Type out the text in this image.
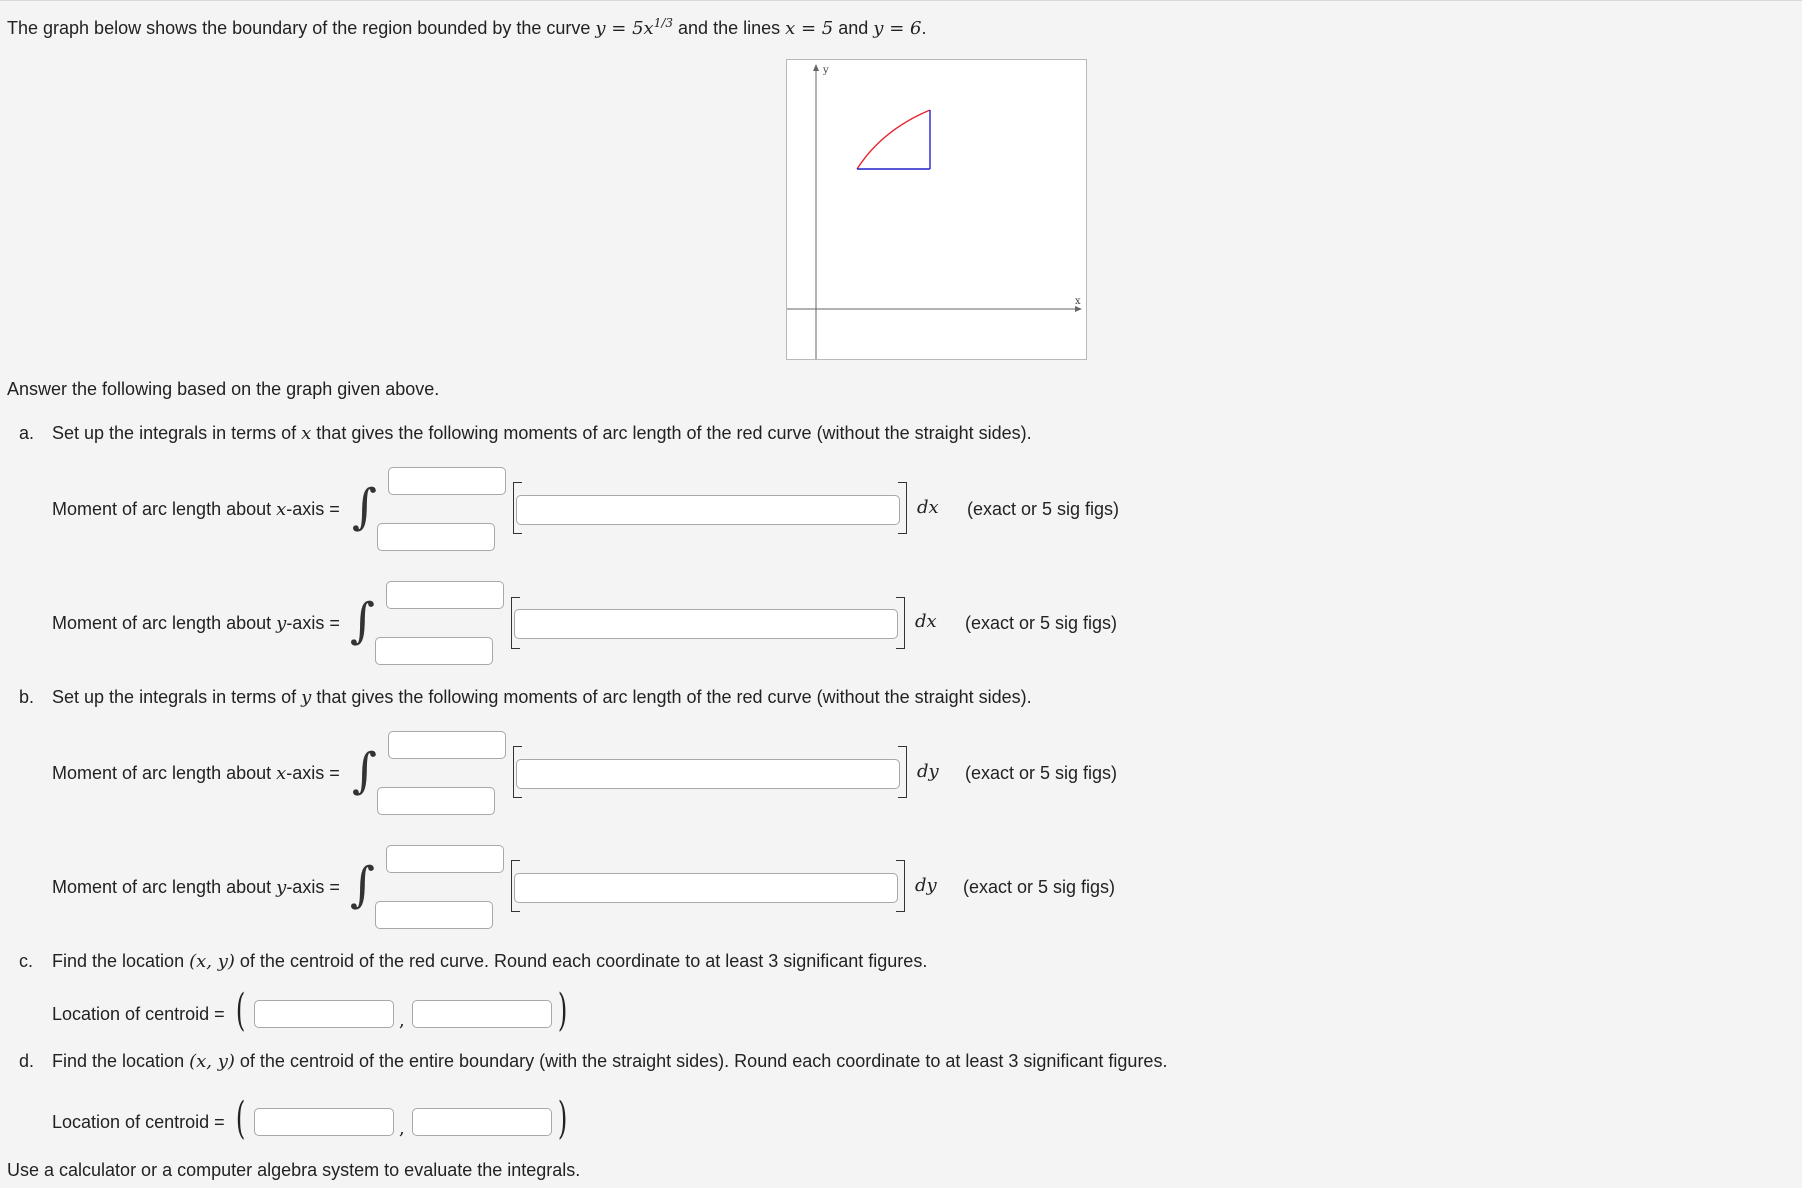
The graph below shows the boundary of the region bounded by the curve $y = 5x^{1/3}$ and the lines x = 5 and y = 6.
y
x
Answer the following based on the graph given above.
a. Set up the integrals in terms of x that gives the following moments of arc length of the red curve (without the straight sides).
Moment of arc length about x-axis = ∫	dx (exact or 5 sig figs)
Moment of arc length about y-axis = ∫	dx (exact or 5 sig figs)
b. Set up the integrals in terms of y that gives the following moments of arc length of the red curve (without the straight sides).
Moment of arc length about x-axis = ∫	dy (exact or 5 sig figs)
Moment of arc length about y-axis = ∫	dy (exact or 5 sig figs)
c. Find the location (x, y) of the centroid of the red curve. Round each coordinate to at least 3 significant figures.
Location of centroid = (	,	)
d. Find the location (x, y) of the centroid of the entire boundary (with the straight sides). Round each coordinate to at least 3 significant figures.
Location of centroid = (	,	)
Use a calculator or a computer algebra system to evaluate the integrals.
